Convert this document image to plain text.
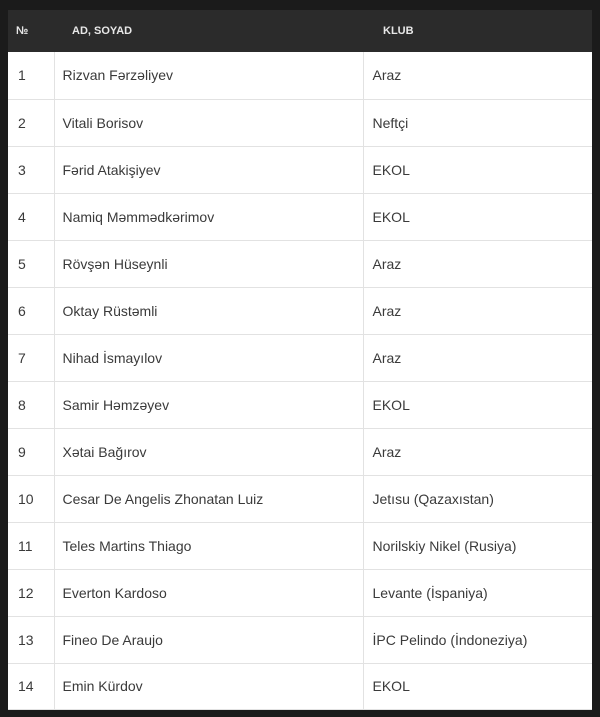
№	AD, SOYAD	KLUB
1	Rizvan Fərzəliyev	Araz
2	Vitali Borisov	Neftçi
3	Fərid Atakişiyev	EKOL
4	Namiq Məmmədkərimov	EKOL
5	Rövşən Hüseynli	Araz
6	Oktay Rüstəmli	Araz
7	Nihad İsmayılov	Araz
8	Samir Həmzəyev	EKOL
9	Xətai Bağırov	Araz
10	Cesar De Angelis Zhonatan Luiz	Jetısu (Qazaxıstan)
11	Teles Martins Thiago	Norilskiy Nikel (Rusiya)
12	Everton Kardoso	Levante (İspaniya)
13	Fineo De Araujo	İPC Pelindo (İndoneziya)
14	Emin Kürdov	EKOL
